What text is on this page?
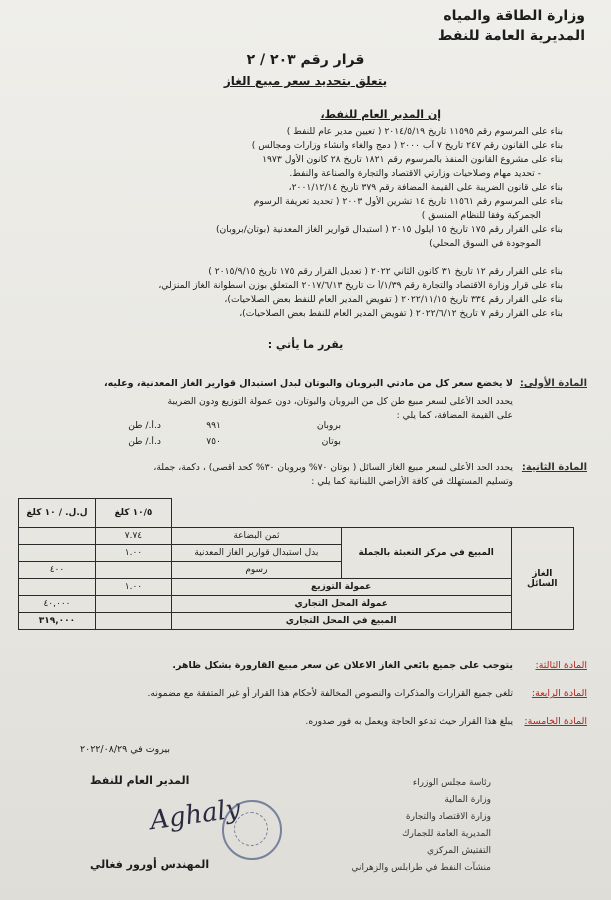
وزارة الطاقة والمياه
المديرية العامة للنفط
قرار رقم ٢٠٣ / ٢
يتعلق بتحديد سعر مبيع الغاز
إن المدير العام للنفط،
بناء على المرسوم رقم ١١٥٩٥ تاريخ ٢٠١٤/٥/١٩ ( تعيين مدير عام للنفط )
بناء على القانون رقم ٢٤٧ تاريخ ٧ آب ٢٠٠٠ ( دمج والغاء وانشاء وزارات ومجالس )
بناء على مشروع القانون المنفذ بالمرسوم رقم ١٨٢١ تاريخ ٢٨ كانون الأول ١٩٧٣
- تحديد مهام وصلاحيات وزارتي الاقتصاد والتجارة والصناعة والنفط.
بناء على قانون الضريبة على القيمة المضافة رقم ٣٧٩ تاريخ ٢٠٠١/١٢/١٤،
بناء على المرسوم رقم ١١٥٦١ تاريخ ١٤ تشرين الأول ٢٠٠٣ ( تحديد تعريفة الرسوم
الجمركية وفقا للنظام المنسق )
بناء على القرار رقم ١٧٥ تاريخ ١٥ ايلول ٢٠١٥ ( استبدال قوارير الغاز المعدنية (بوتان/بروبان)
الموجودة في السوق المحلي)
بناء على القرار رقم ١٢ تاريخ ٣١ كانون الثاني ٢٠٢٢ ( تعديل القرار رقم ١٧٥ تاريخ ٢٠١٥/٩/١٥ )
بناء على قرار وزارة الاقتصاد والتجارة رقم ١/٣٩/أ ت تاريخ ٢٠١٧/٦/١٣ المتعلق بوزن اسطوانة الغاز المنزلي،
بناء على القرار رقم ٣٣٤ تاريخ ٢٠٢٢/١١/١٥ ( تفويض المدير العام للنفط بعض الصلاحيات)،
بناء على القرار رقم ٧ تاريخ ٢٠٢٢/٦/١٢ ( تفويض المدير العام للنفط بعض الصلاحيات)،
يقرر ما يأتي :
المادة الأولى:
لا يخضع سعر كل من مادتي البروبان والبوتان لبدل استبدال قوارير الغاز المعدنية، وعليه،
يحدد الحد الأعلى لسعر مبيع طن كل من البروبان والبوتان، دون عمولة التوزيع ودون الضريبة
على القيمة المضافة، كما يلي :
بروبان
٩٩١
د.أ./ طن
بوتان
٧٥٠
د.أ./ طن
المادة الثانية:
يحدد الحد الأعلى لسعر مبيع الغاز السائل ( بوتان ٧٠% وبروبان ٣٠% كحد أقصى) ، دكمة، جملة،
وتسليم المستهلك في كافة الأراضي اللبنانية كما يلي :
			١٠/٥ كلغ	ل.ل. / ١٠ كلغ
الغاز السائل	المبيع في مركز التعبئة بالجملة	ثمن البضاعة	٧.٧٤	
		بدل استبدال قوارير الغاز المعدنية	١.٠٠	
		رسوم		٤٠٠
	عمولة التوزيع		١.٠٠	
	عمولة المحل التجاري			٤٠,٠٠٠
	المبيع في المحل التجاري			٣١٩,٠٠٠
المادة الثالثة:
يتوجب على جميع بائعي الغاز الاعلان عن سعر مبيع القارورة بشكل ظاهر.
المادة الرابعة:
تلغى جميع القرارات والمذكرات والنصوص المخالفة لأحكام هذا القرار أو غير المتفقة مع مضمونه.
المادة الخامسة:
يبلغ هذا القرار حيث تدعو الحاجة ويعمل به فور صدوره.
بيروت في ٢٠٢٢/٠٨/٢٩
المدير العام للنفط
Aghaly
المهندس أورور فغالي
رئاسة مجلس الوزراء
وزارة المالية
وزارة الاقتصاد والتجارة
المديرية العامة للجمارك
التفتيش المركزي
منشآت النفط في طرابلس والزهراني
